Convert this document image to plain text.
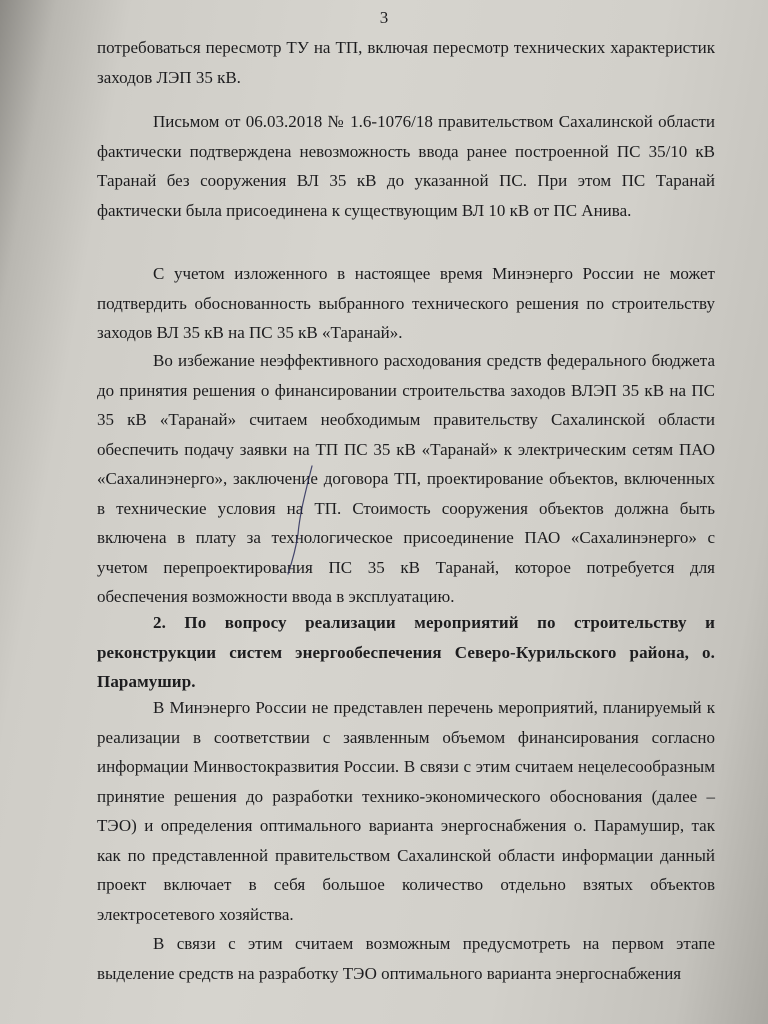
3

потребоваться пересмотр ТУ на ТП, включая пересмотр технических характеристик заходов ЛЭП 35 кВ.

Письмом от 06.03.2018 № 1.6-1076/18 правительством Сахалинской области фактически подтверждена невозможность ввода ранее построенной ПС 35/10 кВ Таранай без сооружения ВЛ 35 кВ до указанной ПС. При этом ПС Таранай фактически была присоединена к существующим ВЛ 10 кВ от ПС Анива.

С учетом изложенного в настоящее время Минэнерго России не может подтвердить обоснованность выбранного технического решения по строительству заходов ВЛ 35 кВ на ПС 35 кВ «Таранай».

Во избежание неэффективного расходования средств федерального бюджета до принятия решения о финансировании строительства заходов ВЛЭП 35 кВ на ПС 35 кВ «Таранай» считаем необходимым правительству Сахалинской области обеспечить подачу заявки на ТП ПС 35 кВ «Таранай» к электрическим сетям ПАО «Сахалинэнерго», заключение договора ТП, проектирование объектов, включенных в технические условия на ТП. Стоимость сооружения объектов должна быть включена в плату за технологическое присоединение ПАО «Сахалинэнерго» с учетом перепроектирования ПС 35 кВ Таранай, которое потребуется для обеспечения возможности ввода в эксплуатацию.

2. По вопросу реализации мероприятий по строительству и реконструкции систем энергообеспечения Северо-Курильского района, о. Парамушир.

В Минэнерго России не представлен перечень мероприятий, планируемый к реализации в соответствии с заявленным объемом финансирования согласно информации Минвостокразвития России. В связи с этим считаем нецелесообразным принятие решения до разработки технико-экономического обоснования (далее – ТЭО) и определения оптимального варианта энергоснабжения о. Парамушир, так как по представленной правительством Сахалинской области информации данный проект включает в себя большое количество отдельно взятых объектов электросетевого хозяйства.

В связи с этим считаем возможным предусмотреть на первом этапе выделение средств на разработку ТЭО оптимального варианта энергоснабжения
